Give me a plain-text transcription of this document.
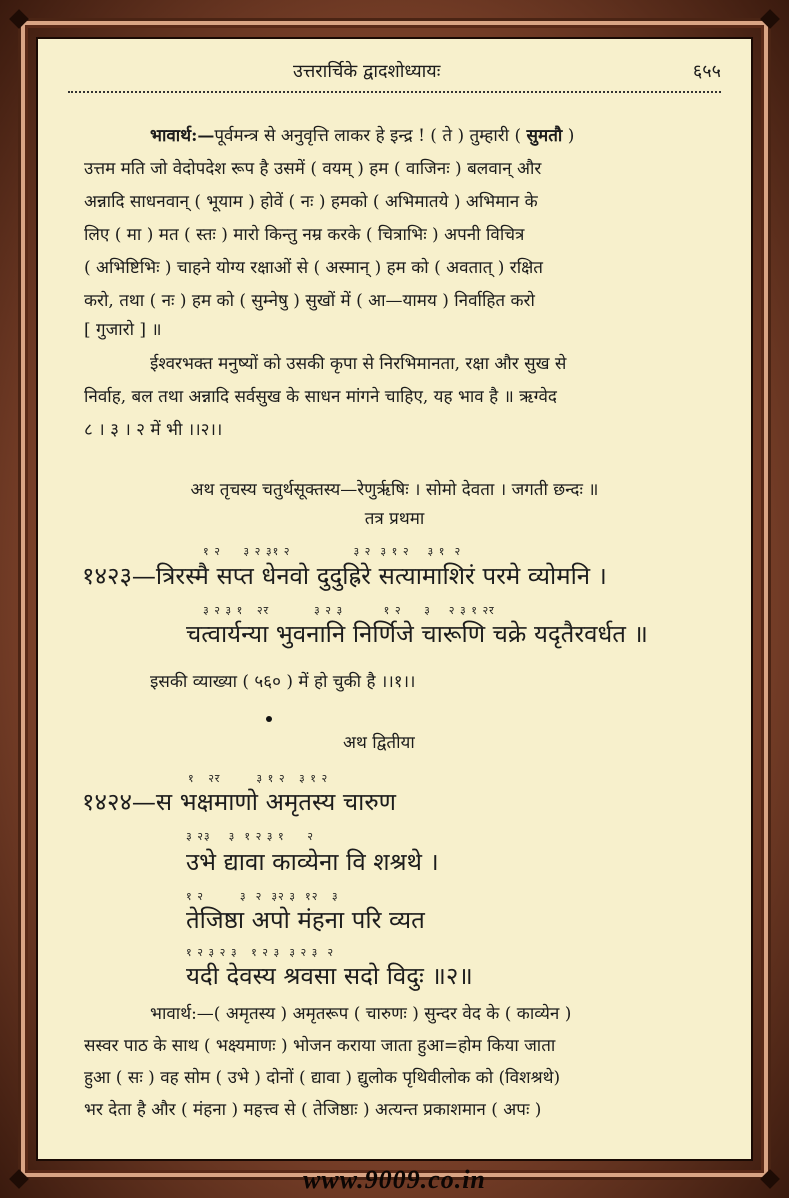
उत्तरार्चिके द्वादशोध्यायः	६५५
भावार्थ:—पूर्वमन्त्र से अनुवृत्ति लाकर हे इन्द्र ! ( ते ) तुम्हारी ( सुमतौ )
उत्तम मति जो वेदोपदेश रूप है उसमें ( वयम् ) हम ( वाजिनः ) बलवान् और
अन्नादि साधनवान् ( भूयाम ) होवें ( नः ) हमको ( अभिमातये ) अभिमान के
लिए ( मा ) मत ( स्तः ) मारो किन्तु नम्र करके ( चित्राभिः ) अपनी विचित्र
( अभिष्टिभिः ) चाहने योग्य रक्षाओं से ( अस्मान् ) हम को ( अवतात् ) रक्षित
करो, तथा ( नः ) हम को ( सुम्नेषु ) सुखों में ( आ—यामय ) निर्वाहित करो
[ गुजारो ] ॥
ईश्वरभक्त मनुष्यों को उसकी कृपा से निरभिमानता, रक्षा और सुख से
निर्वाह, बल तथा अन्नादि सर्वसुख के साधन मांगने चाहिए, यह भाव है ॥ ऋग्वेद
८ । ३ । २ में भी ।।२।।
अथ तृचस्य चतुर्थसूक्तस्य—रेणुर्ऋषिः । सोमो देवता । जगती छन्दः ॥
तत्र प्रथमा
१ २     ३ २ ३१ २              ३ २  ३ १ २    ३ १  २
१४२३—त्रिरस्मै सप्त धेनवो दुदुह्रिरे सत्यामाशिरं परमे व्योमनि ।
३ २ ३ १   २र          ३ २ ३         १ २     ३    २ ३ १ २र
चत्वार्यन्या भुवनानि निर्णिजे चारूणि चक्रे यदृतैरवर्धत ॥
इसकी व्याख्या ( ५६० ) में हो चुकी है ।।१।।
अथ द्वितीया
१   २र        ३ १ २   ३ १ २
१४२४—स भक्षमाणो अमृतस्य चारुण
३ २३    ३  १ २ ३ १     २
उभे द्यावा काव्येना वि शश्रथे ।
१ २        ३  २  ३२ ३  १२   ३
तेजिष्ठा अपो मंहना परि व्यत
१ २ ३ २ ३   १ २ ३  ३ २ ३  २
यदी देवस्य श्रवसा सदो विदुः ॥२॥
भावार्थ:—( अमृतस्य ) अमृतरूप ( चारुणः ) सुन्दर वेद के ( काव्येन )
सस्वर पाठ के साथ ( भक्ष्यमाणः ) भोजन कराया जाता हुआ=होम किया जाता
हुआ ( सः ) वह सोम ( उभे ) दोनों ( द्यावा ) द्युलोक पृथिवीलोक को (विशश्रथे)
भर देता है और ( मंहना ) महत्त्व से ( तेजिष्ठाः ) अत्यन्त प्रकाशमान ( अपः )
www.9009.co.in
